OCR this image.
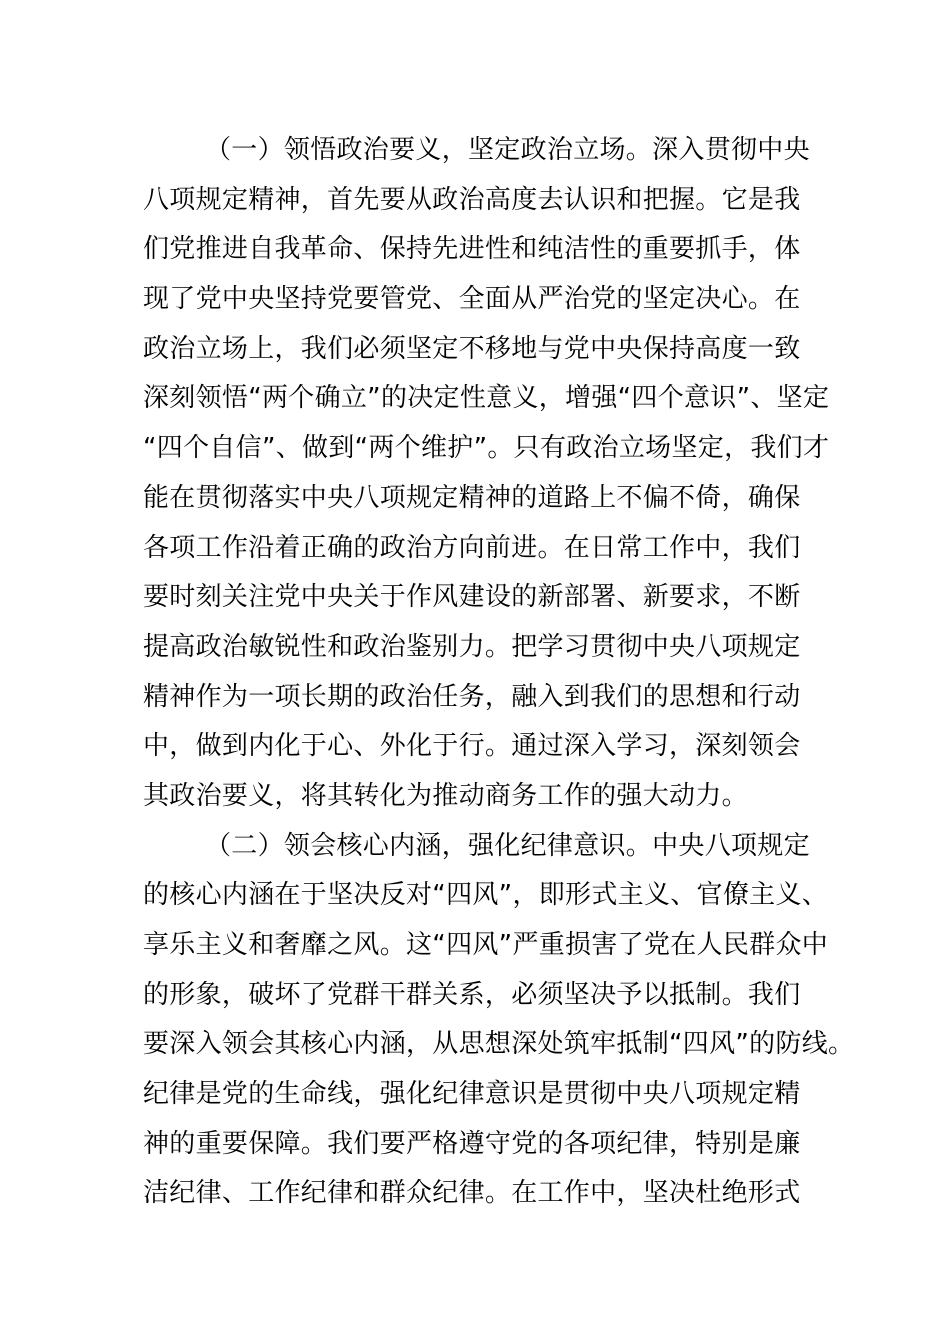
（一）领悟政治要义，坚定政治立场。深入贯彻中央
八项规定精神，首先要从政治高度去认识和把握。它是我
们党推进自我革命、保持先进性和纯洁性的重要抓手，体
现了党中央坚持党要管党、全面从严治党的坚定决心。在
政治立场上，我们必须坚定不移地与党中央保持高度一致
深刻领悟“两个确立”的决定性意义，增强“四个意识”、坚定
“四个自信”、做到“两个维护”。只有政治立场坚定，我们才
能在贯彻落实中央八项规定精神的道路上不偏不倚，确保
各项工作沿着正确的政治方向前进。在日常工作中，我们
要时刻关注党中央关于作风建设的新部署、新要求，不断
提高政治敏锐性和政治鉴别力。把学习贯彻中央八项规定
精神作为一项长期的政治任务，融入到我们的思想和行动
中，做到内化于心、外化于行。通过深入学习，深刻领会
其政治要义，将其转化为推动商务工作的强大动力。
（二）领会核心内涵，强化纪律意识。中央八项规定
的核心内涵在于坚决反对“四风”，即形式主义、官僚主义、
享乐主义和奢靡之风。这“四风”严重损害了党在人民群众中
的形象，破坏了党群干群关系，必须坚决予以抵制。我们
要深入领会其核心内涵，从思想深处筑牢抵制“四风”的防线。
纪律是党的生命线，强化纪律意识是贯彻中央八项规定精
神的重要保障。我们要严格遵守党的各项纪律，特别是廉
洁纪律、工作纪律和群众纪律。在工作中，坚决杜绝形式
